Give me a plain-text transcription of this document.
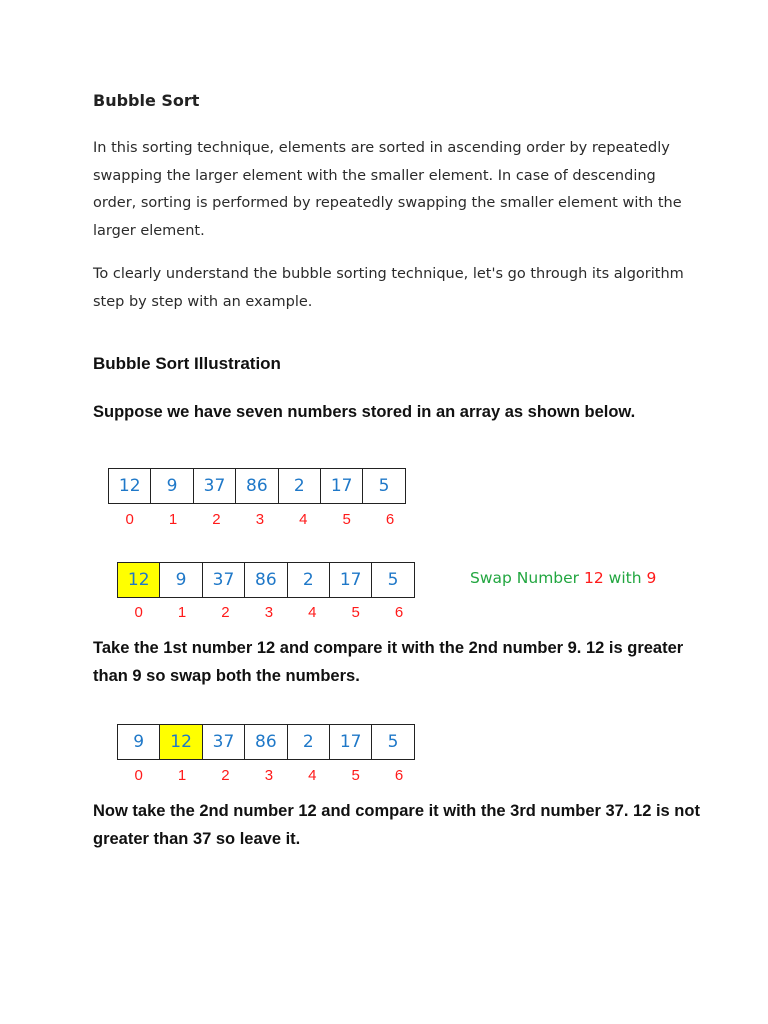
Bubble Sort
In this sorting technique, elements are sorted in ascending order by repeatedly swapping the larger element with the smaller element. In case of descending order, sorting is performed by repeatedly swapping the smaller element with the larger element.
To clearly understand the bubble sorting technique, let's go through its algorithm step by step with an example.
Bubble Sort Illustration
Suppose we have seven numbers stored in an array as shown below.
12	9	37	86	2	17	5
0	1	2	3	4	5	6
12	9	37	86	2	17	5
0	1	2	3	4	5	6
Swap Number 12 with 9
Take the 1st number 12 and compare it with the 2nd number 9. 12 is greater than 9 so swap both the numbers.
9	12	37	86	2	17	5
0	1	2	3	4	5	6
Now take the 2nd number 12 and compare it with the 3rd number 37. 12 is not greater than 37 so leave it.
